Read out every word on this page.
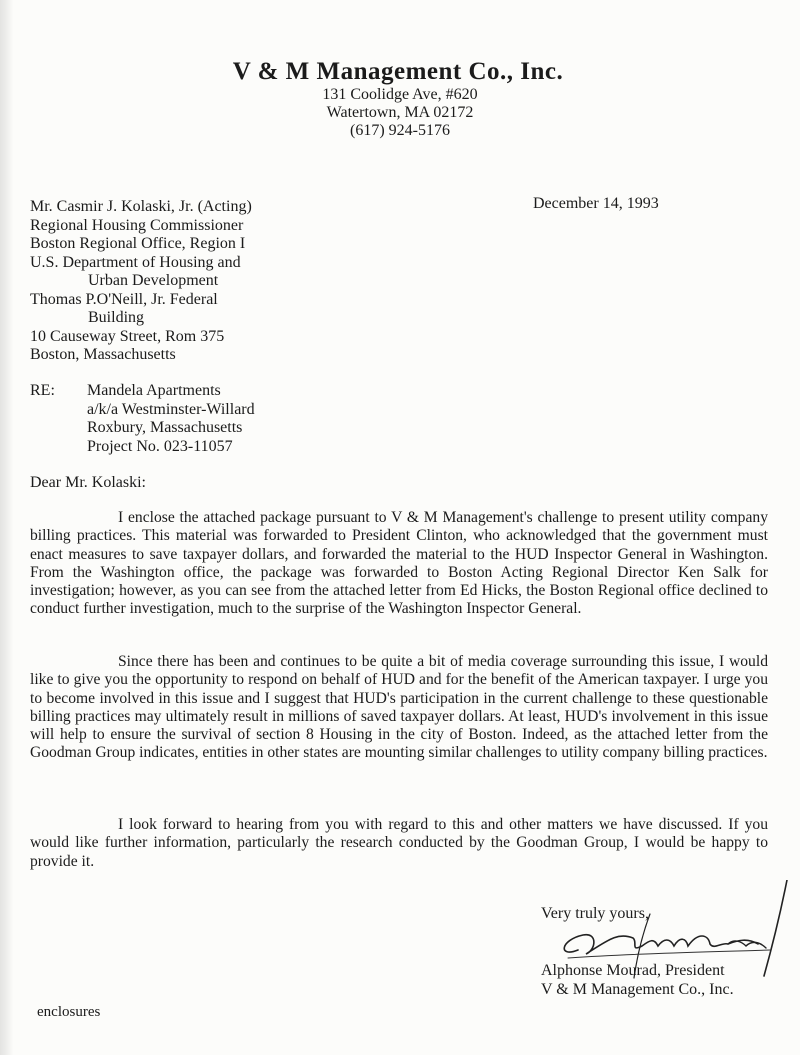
V & M Management Co., Inc.
131 Coolidge Ave, #620
Watertown, MA 02172
(617) 924-5176
December 14, 1993
Mr. Casmir J. Kolaski, Jr. (Acting)
Regional Housing Commissioner
Boston Regional Office, Region I
U.S. Department of Housing and
Urban Development
Thomas P.O'Neill, Jr. Federal
Building
10 Causeway Street, Rom 375
Boston, Massachusetts
RE: Mandela Apartments
a/k/a Westminster-Willard
Roxbury, Massachusetts
Project No. 023-11057
Dear Mr. Kolaski:

I enclose the attached package pursuant to V & M Management's challenge to present utility company billing practices. This material was forwarded to President Clinton, who acknowledged that the government must enact measures to save taxpayer dollars, and forwarded the material to the HUD Inspector General in Washington. From the Washington office, the package was forwarded to Boston Acting Regional Director Ken Salk for investigation; however, as you can see from the attached letter from Ed Hicks, the Boston Regional office declined to conduct further investigation, much to the surprise of the Washington Inspector General.

Since there has been and continues to be quite a bit of media coverage surrounding this issue, I would like to give you the opportunity to respond on behalf of HUD and for the benefit of the American taxpayer. I urge you to become involved in this issue and I suggest that HUD's participation in the current challenge to these questionable billing practices may ultimately result in millions of saved taxpayer dollars. At least, HUD's involvement in this issue will help to ensure the survival of section 8 Housing in the city of Boston. Indeed, as the attached letter from the Goodman Group indicates, entities in other states are mounting similar challenges to utility company billing practices.

I look forward to hearing from you with regard to this and other matters we have discussed. If you would like further information, particularly the research conducted by the Goodman Group, I would be happy to provide it.

Very truly yours,
Alphonse Mourad, President
V & M Management Co., Inc.
enclosures
